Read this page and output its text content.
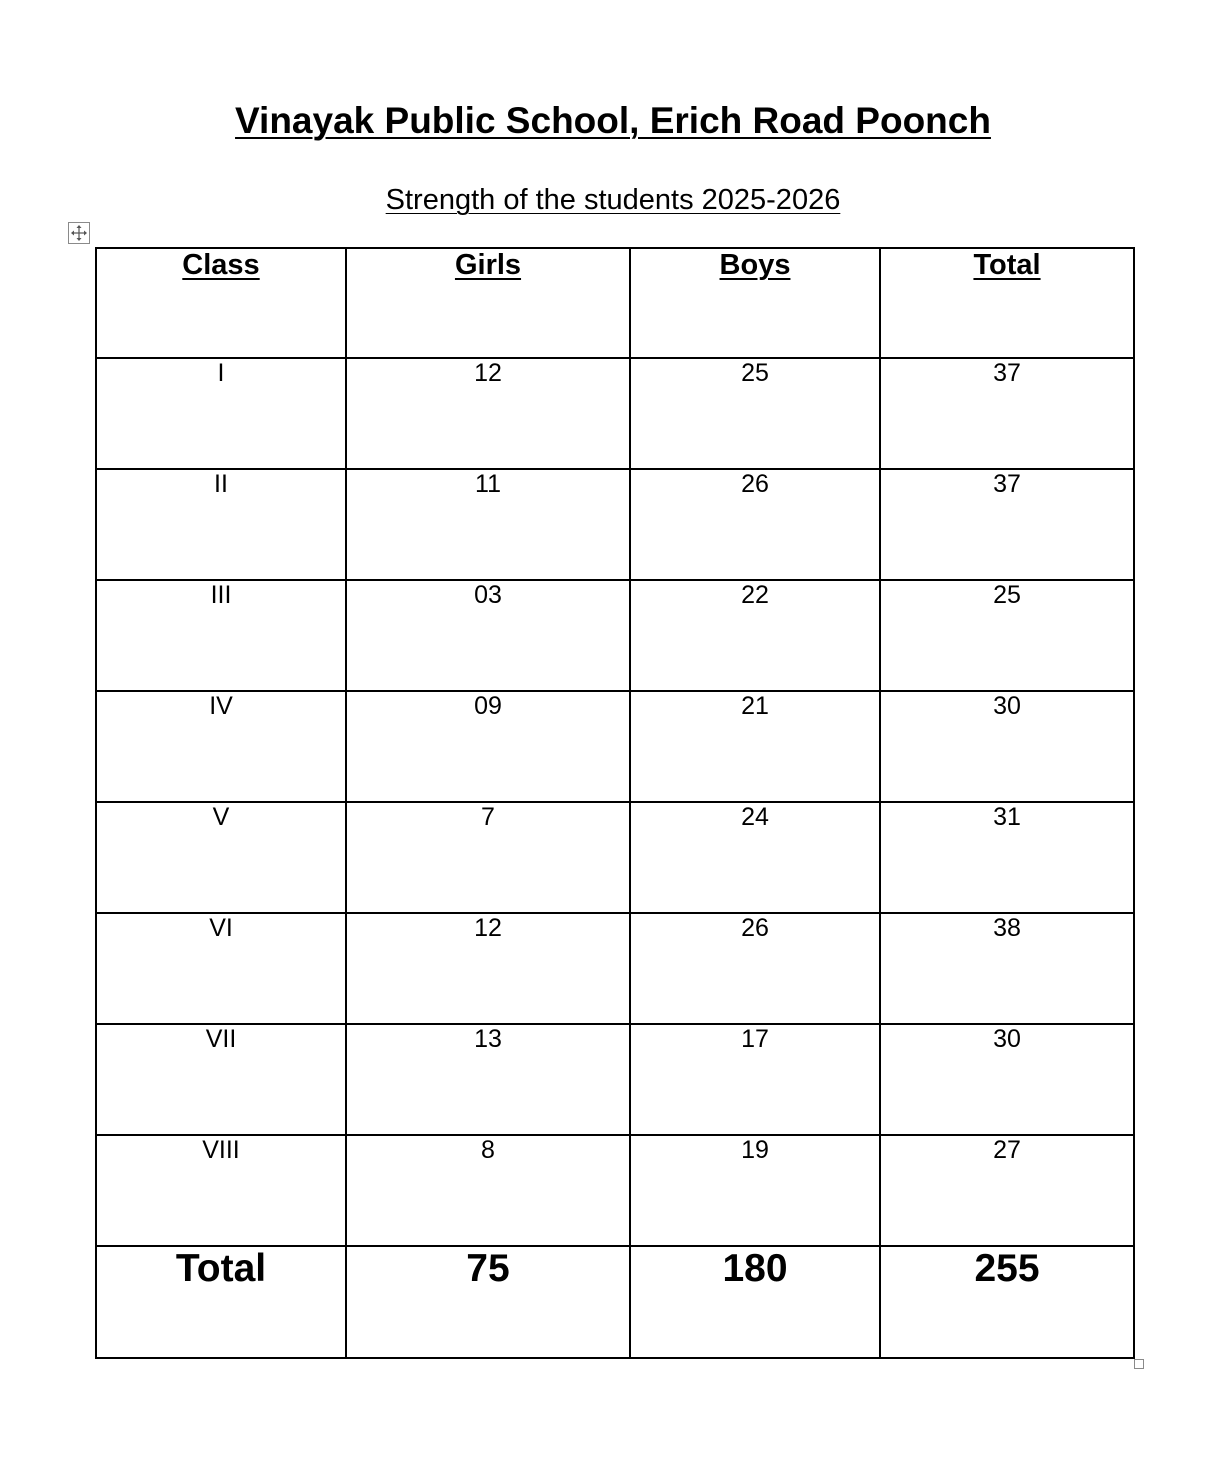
Vinayak Public School, Erich Road Poonch

Strength of the students 2025-2026

Class	Girls	Boys	Total
I	12	25	37
II	11	26	37
III	03	22	25
IV	09	21	30
V	7	24	31
VI	12	26	38
VII	13	17	30
VIII	8	19	27
Total	75	180	255
